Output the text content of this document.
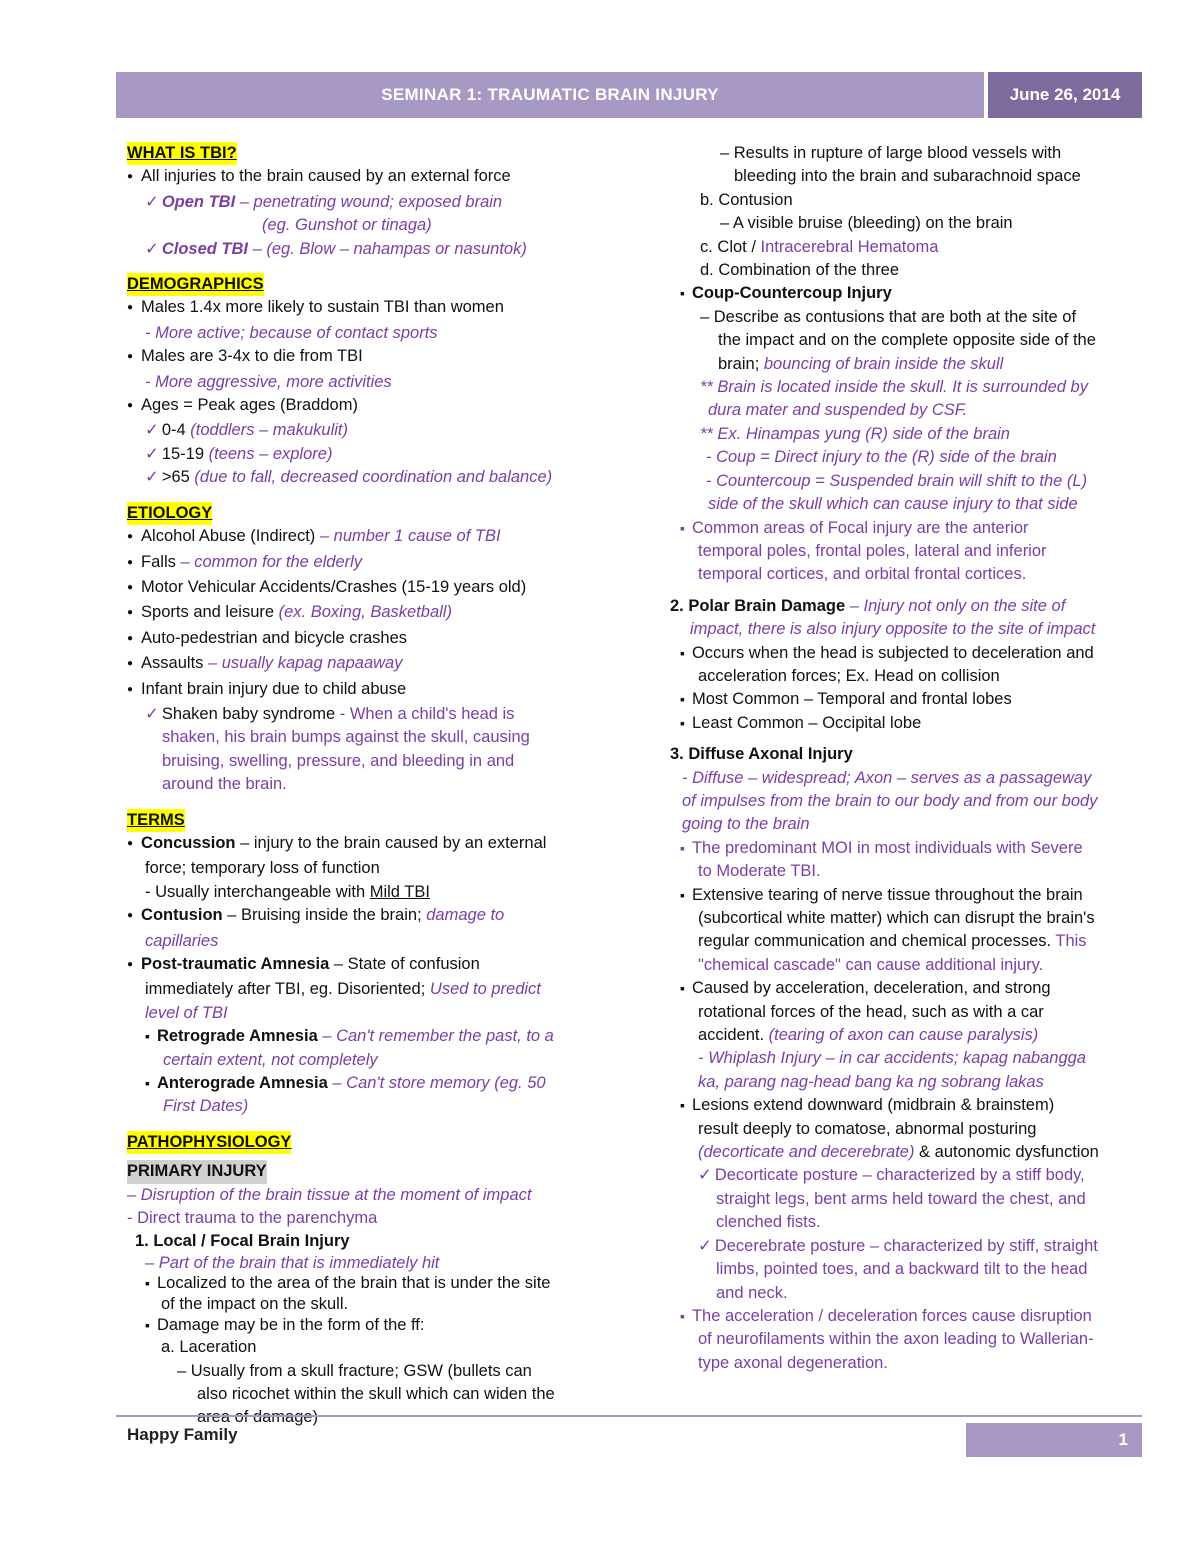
SEMINAR 1: TRAUMATIC BRAIN INJURY	June 26, 2014
WHAT IS TBI?
● All injuries to the brain caused by an external force
✓ Open TBI – penetrating wound; exposed brain
(eg. Gunshot or tinaga)
✓ Closed TBI – (eg. Blow – nahampas or nasuntok)
DEMOGRAPHICS
● Males 1.4x more likely to sustain TBI than women
- More active; because of contact sports
● Males are 3-4x to die from TBI
- More aggressive, more activities
● Ages = Peak ages (Braddom)
✓ 0-4 (toddlers – makukulit)
✓ 15-19 (teens – explore)
✓ >65 (due to fall, decreased coordination and balance)
ETIOLOGY
● Alcohol Abuse (Indirect) – number 1 cause of TBI
● Falls – common for the elderly
● Motor Vehicular Accidents/Crashes (15-19 years old)
● Sports and leisure (ex. Boxing, Basketball)
● Auto-pedestrian and bicycle crashes
● Assaults – usually kapag napaaway
● Infant brain injury due to child abuse
✓ Shaken baby syndrome - When a child's head is
shaken, his brain bumps against the skull, causing
bruising, swelling, pressure, and bleeding in and
around the brain.
TERMS
● Concussion – injury to the brain caused by an external
force; temporary loss of function
- Usually interchangeable with Mild TBI
● Contusion – Bruising inside the brain; damage to
capillaries
● Post-traumatic Amnesia – State of confusion
immediately after TBI, eg. Disoriented; Used to predict
level of TBI
▪ Retrograde Amnesia – Can't remember the past, to a
certain extent, not completely
▪ Anterograde Amnesia – Can't store memory (eg. 50
First Dates)
PATHOPHYSIOLOGY
PRIMARY INJURY
– Disruption of the brain tissue at the moment of impact
- Direct trauma to the parenchyma
1. Local / Focal Brain Injury
– Part of the brain that is immediately hit
▪ Localized to the area of the brain that is under the site
of the impact on the skull.
▪ Damage may be in the form of the ff:
a. Laceration
– Usually from a skull fracture; GSW (bullets can
also ricochet within the skull which can widen the
– Results in rupture of large blood vessels with
bleeding into the brain and subarachnoid space
b. Contusion
– A visible bruise (bleeding) on the brain
c. Clot / Intracerebral Hematoma
d. Combination of the three
▪ Coup-Countercoup Injury
– Describe as contusions that are both at the site of
the impact and on the complete opposite side of the
brain; bouncing of brain inside the skull
** Brain is located inside the skull. It is surrounded by
dura mater and suspended by CSF.
** Ex. Hinampas yung (R) side of the brain
- Coup = Direct injury to the (R) side of the brain
- Countercoup = Suspended brain will shift to the (L)
side of the skull which can cause injury to that side
▪ Common areas of Focal injury are the anterior
temporal poles, frontal poles, lateral and inferior
temporal cortices, and orbital frontal cortices.
2. Polar Brain Damage – Injury not only on the site of
impact, there is also injury opposite to the site of impact
▪ Occurs when the head is subjected to deceleration and
acceleration forces; Ex. Head on collision
▪ Most Common – Temporal and frontal lobes
▪ Least Common – Occipital lobe
3. Diffuse Axonal Injury
- Diffuse – widespread; Axon – serves as a passageway
of impulses from the brain to our body and from our body
going to the brain
▪ The predominant MOI in most individuals with Severe
to Moderate TBI.
▪ Extensive tearing of nerve tissue throughout the brain
(subcortical white matter) which can disrupt the brain's
regular communication and chemical processes. This
"chemical cascade" can cause additional injury.
▪ Caused by acceleration, deceleration, and strong
rotational forces of the head, such as with a car
accident. (tearing of axon can cause paralysis)
- Whiplash Injury – in car accidents; kapag nabangga
ka, parang nag-head bang ka ng sobrang lakas
▪ Lesions extend downward (midbrain & brainstem)
result deeply to comatose, abnormal posturing
(decorticate and decerebrate) & autonomic dysfunction
✓ Decorticate posture – characterized by a stiff body,
straight legs, bent arms held toward the chest, and
clenched fists.
✓ Decerebrate posture – characterized by stiff, straight
limbs, pointed toes, and a backward tilt to the head
and neck.
▪ The acceleration / deceleration forces cause disruption
of neurofilaments within the axon leading to Wallerian-
type axonal degeneration.
Happy Family	1
